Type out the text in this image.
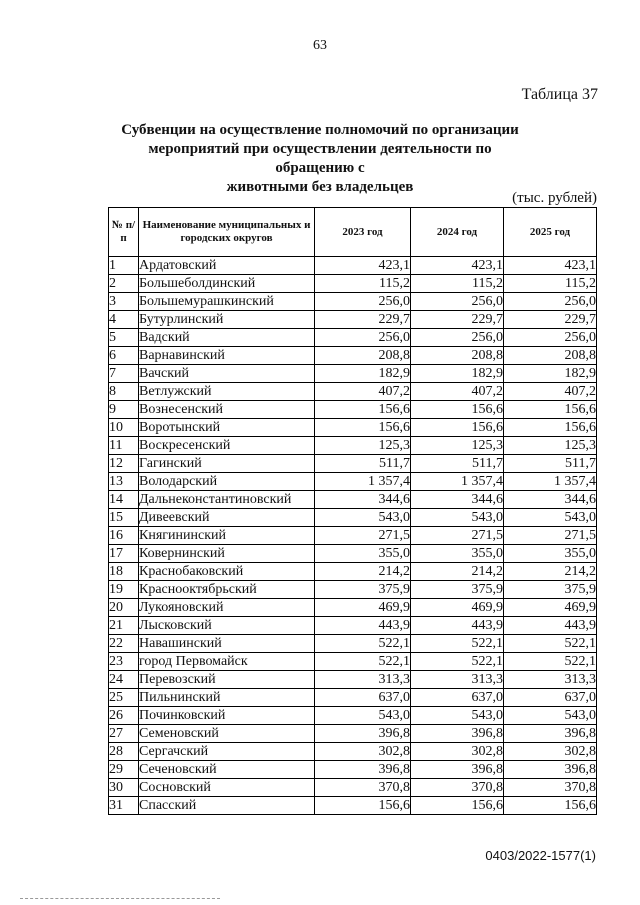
63
Таблица 37
Субвенции на осуществление полномочий по организации
мероприятий при осуществлении деятельности по обращению с
животными без владельцев
(тыс. рублей)
№ п/п	Наименование муниципальных и городских округов	2023 год	2024 год	2025 год
1	Ардатовский	423,1	423,1	423,1
2	Большеболдинский	115,2	115,2	115,2
3	Большемурашкинский	256,0	256,0	256,0
4	Бутурлинский	229,7	229,7	229,7
5	Вадский	256,0	256,0	256,0
6	Варнавинский	208,8	208,8	208,8
7	Вачский	182,9	182,9	182,9
8	Ветлужский	407,2	407,2	407,2
9	Вознесенский	156,6	156,6	156,6
10	Воротынский	156,6	156,6	156,6
11	Воскресенский	125,3	125,3	125,3
12	Гагинский	511,7	511,7	511,7
13	Володарский	1 357,4	1 357,4	1 357,4
14	Дальнеконстантиновский	344,6	344,6	344,6
15	Дивеевский	543,0	543,0	543,0
16	Княгининский	271,5	271,5	271,5
17	Ковернинский	355,0	355,0	355,0
18	Краснобаковский	214,2	214,2	214,2
19	Краснооктябрьский	375,9	375,9	375,9
20	Лукояновский	469,9	469,9	469,9
21	Лысковский	443,9	443,9	443,9
22	Навашинский	522,1	522,1	522,1
23	город Первомайск	522,1	522,1	522,1
24	Перевозский	313,3	313,3	313,3
25	Пильнинский	637,0	637,0	637,0
26	Починковский	543,0	543,0	543,0
27	Семеновский	396,8	396,8	396,8
28	Сергачский	302,8	302,8	302,8
29	Сеченовский	396,8	396,8	396,8
30	Сосновский	370,8	370,8	370,8
31	Спасский	156,6	156,6	156,6
0403/2022-1577(1)
